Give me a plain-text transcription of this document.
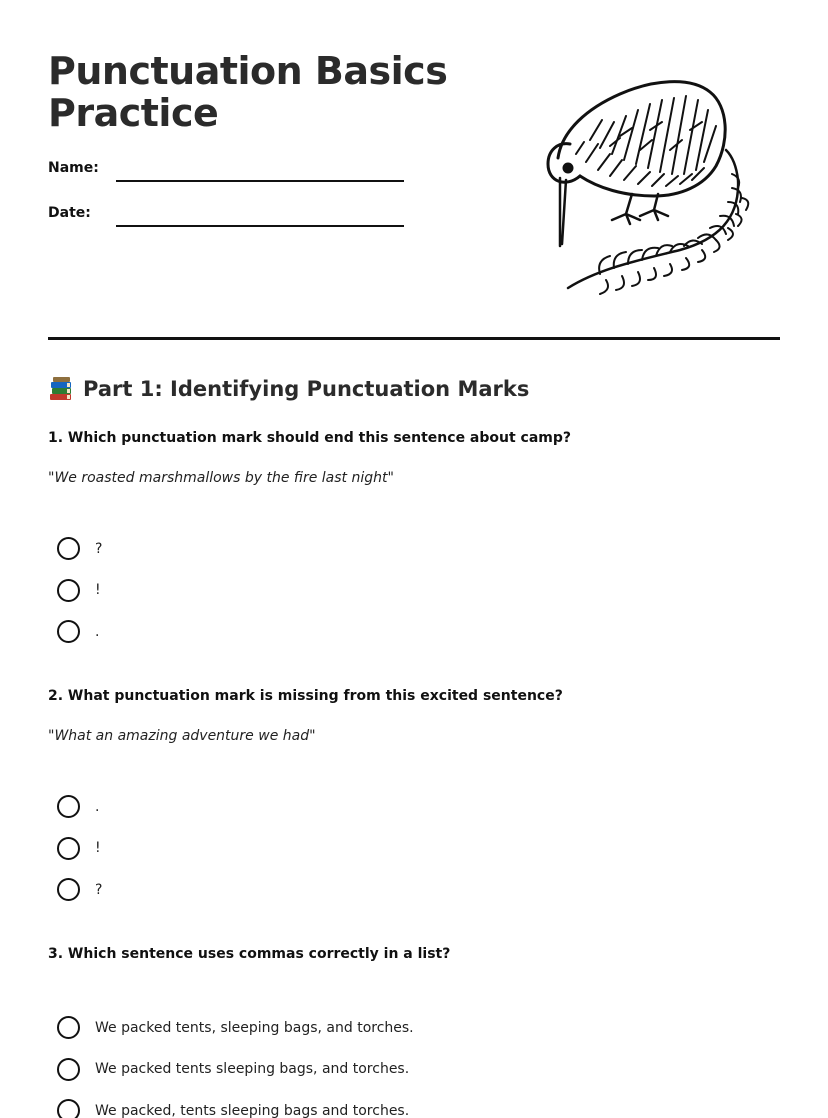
Punctuation Basics Practice
Name:
Date:
Part 1: Identifying Punctuation Marks

1. Which punctuation mark should end this sentence about camp?

"We roasted marshmallows by the fire last night"

?
!
.

2. What punctuation mark is missing from this excited sentence?

"What an amazing adventure we had"

.
!
?

3. Which sentence uses commas correctly in a list?

We packed tents, sleeping bags, and torches.
We packed tents sleeping bags, and torches.
We packed, tents sleeping bags and torches.
